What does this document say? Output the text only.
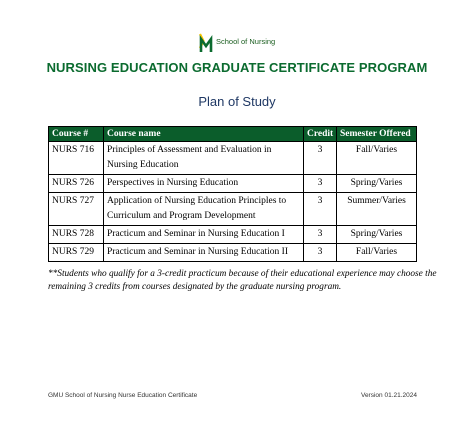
School of Nursing
NURSING EDUCATION GRADUATE CERTIFICATE PROGRAM
Plan of Study
Course #	Course name	Credit	Semester Offered
NURS 716	Principles of Assessment and Evaluation in Nursing Education	3	Fall/Varies
NURS 726	Perspectives in Nursing Education	3	Spring/Varies
NURS 727	Application of Nursing Education Principles to Curriculum and Program Development	3	Summer/Varies
NURS 728	Practicum and Seminar in Nursing Education I	3	Spring/Varies
NURS 729	Practicum and Seminar in Nursing Education II	3	Fall/Varies
**Students who qualify for a 3-credit practicum because of their educational experience may choose the remaining 3 credits from courses designated by the graduate nursing program.
GMU School of Nursing Nurse Education Certificate	Version 01.21.2024
